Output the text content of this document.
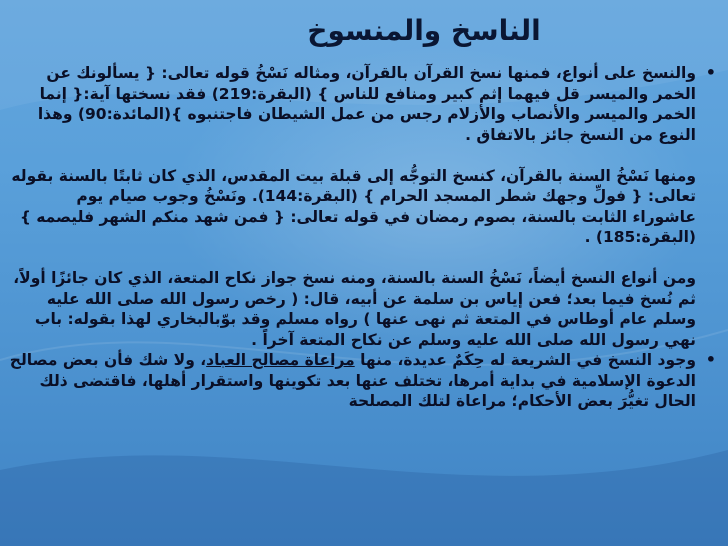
الناسخ والمنسوخ
•

والنسخ على أنواع، فمنها نسخ القرآن بالقرآن، ومثاله نَسْخُ قوله تعالى: { يسألونك عن الخمر والميسر قل فيهما إثم كبير ومنافع للناس } (البقرة:219) فقد نسختها آية:{ إنما الخمر والميسر والأنصاب والأزلام رجس من عمل الشيطان فاجتنبوه }(المائدة:90) وهذا النوع من النسخ جائز بالاتفاق .

ومنها نَسْخُ السنة بالقرآن، كنسخ التوجُّه إلى قبلة بيت المقدس، الذي كان ثابتًا بالسنة بقوله تعالى: { فولِّ وجهك شطر المسجد الحرام } (البقرة:144). ونَسْخُ وجوب صيام يوم عاشوراء الثابت بالسنة، بصوم رمضان في قوله تعالى: { فمن شهد منكم الشهر فليصمه } (البقرة:185) .

ومن أنواع النسخ أيضاً، نَسْخُ السنة بالسنة، ومنه نسخ جواز نكاح المتعة، الذي كان جائزًا أولاً، ثم نُسخ فيما بعد؛ فعن إياس بن سلمة عن أبيه، قال: ( رخص رسول الله صلى الله عليه وسلم عام أوطاس في المتعة ثم نهى عنها ) رواه مسلم وقد بوّبالبخاري لهذا بقوله: باب نهي رسول الله صلى الله عليه وسلم عن نكاح المتعة آخراً .

•

وجود النسخ في الشريعة له حِكَمٌ عديدة، منها مراعاة مصالح العباد، ولا شك فأن بعض مصالح الدعوة الإسلامية في بداية أمرها، تختلف عنها بعد تكوينها واستقرار أهلها، فاقتضى ذلك الحال تغيُّرَ بعض الأحكام؛ مراعاة لتلك المصلحة
